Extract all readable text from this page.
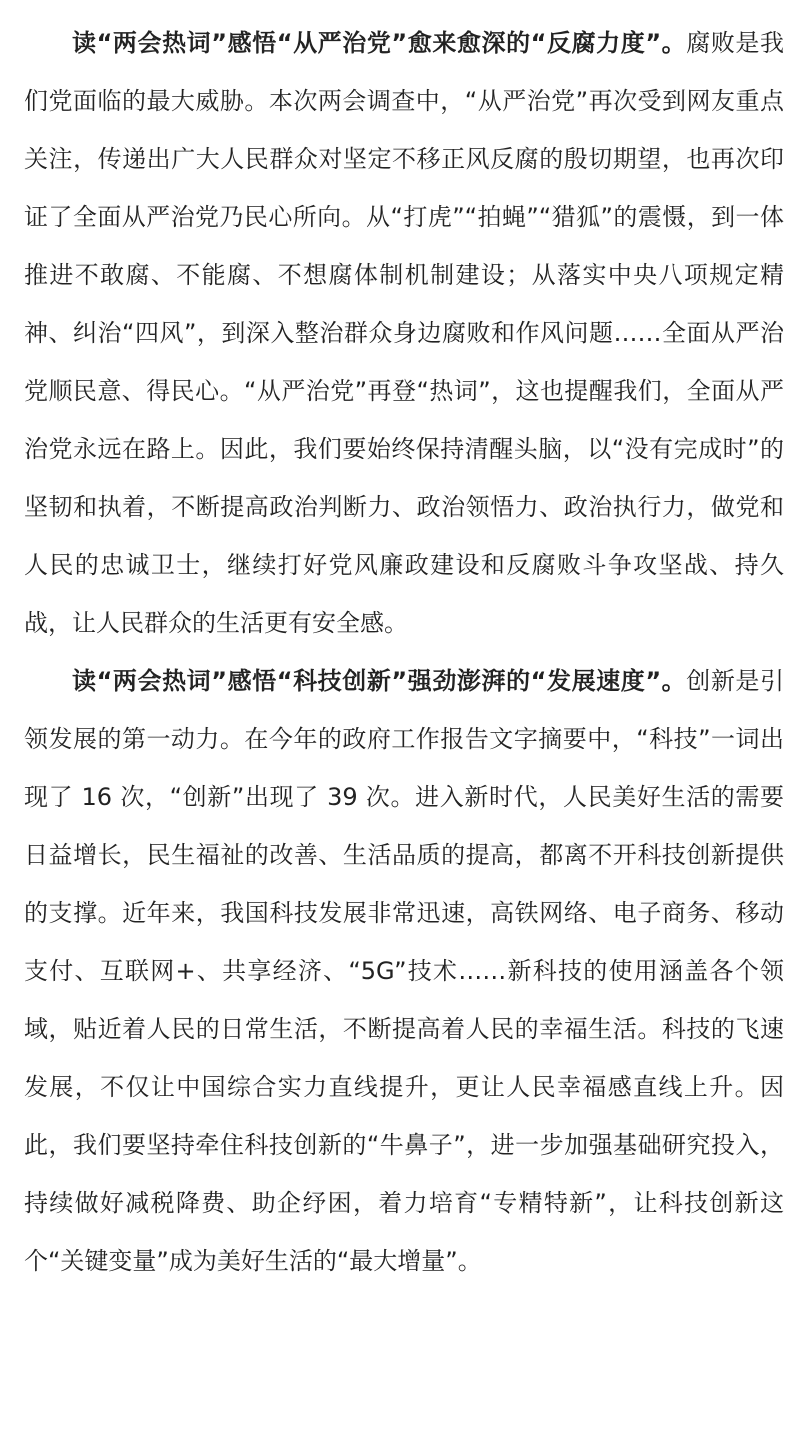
读“两会热词”感悟“从严治党”愈来愈深的“反腐力度”。腐败是我们党面临的最大威胁。本次两会调查中，“从严治党”再次受到网友重点关注，传递出广大人民群众对坚定不移正风反腐的殷切期望，也再次印证了全面从严治党乃民心所向。从“打虎”“拍蝇”“猎狐”的震慑，到一体推进不敢腐、不能腐、不想腐体制机制建设；从落实中央八项规定精神、纠治“四风”，到深入整治群众身边腐败和作风问题……全面从严治党顺民意、得民心。“从严治党”再登“热词”，这也提醒我们，全面从严治党永远在路上。因此，我们要始终保持清醒头脑，以“没有完成时”的坚韧和执着，不断提高政治判断力、政治领悟力、政治执行力，做党和人民的忠诚卫士，继续打好党风廉政建设和反腐败斗争攻坚战、持久战，让人民群众的生活更有安全感。

读“两会热词”感悟“科技创新”强劲澎湃的“发展速度”。创新是引领发展的第一动力。在今年的政府工作报告文字摘要中，“科技”一词出现了 16 次，“创新”出现了 39 次。进入新时代，人民美好生活的需要日益增长，民生福祉的改善、生活品质的提高，都离不开科技创新提供的支撑。近年来，我国科技发展非常迅速，高铁网络、电子商务、移动支付、互联网+、共享经济、“5G”技术……新科技的使用涵盖各个领域，贴近着人民的日常生活，不断提高着人民的幸福生活。科技的飞速发展，不仅让中国综合实力直线提升，更让人民幸福感直线上升。因此，我们要坚持牵住科技创新的“牛鼻子”，进一步加强基础研究投入，持续做好减税降费、助企纾困，着力培育“专精特新”，让科技创新这个“关键变量”成为美好生活的“最大增量”。
